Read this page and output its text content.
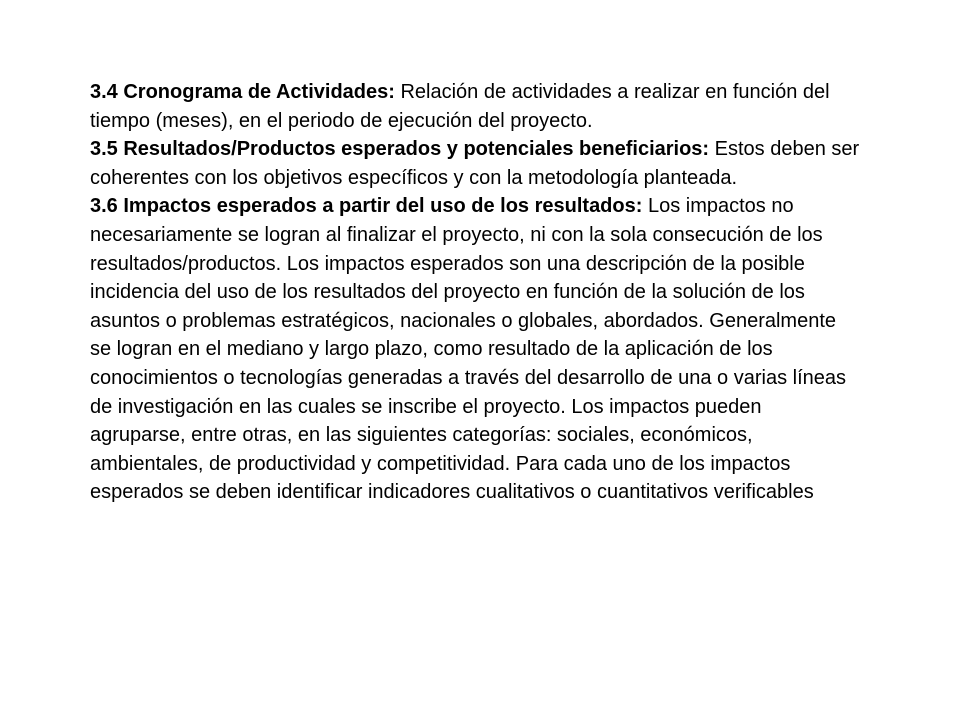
3.4 Cronograma de Actividades: Relación de actividades a realizar en función del tiempo (meses), en el periodo de ejecución del proyecto.

3.5 Resultados/Productos esperados y potenciales beneficiarios: Estos deben ser coherentes con los objetivos específicos y con la metodología planteada.

3.6 Impactos esperados a partir del uso de los resultados: Los impactos no necesariamente se logran al finalizar el proyecto, ni con la sola consecución de los resultados/productos. Los impactos esperados son una descripción de la posible incidencia del uso de los resultados del proyecto en función de la solución de los asuntos o problemas estratégicos, nacionales o globales, abordados. Generalmente se logran en el mediano y largo plazo, como resultado de la aplicación de los conocimientos o tecnologías generadas a través del desarrollo de una o varias líneas de investigación en las cuales se inscribe el proyecto. Los impactos pueden agruparse, entre otras, en las siguientes categorías: sociales, económicos, ambientales, de productividad y competitividad. Para cada uno de los impactos esperados se deben identificar indicadores cualitativos o cuantitativos verificables
